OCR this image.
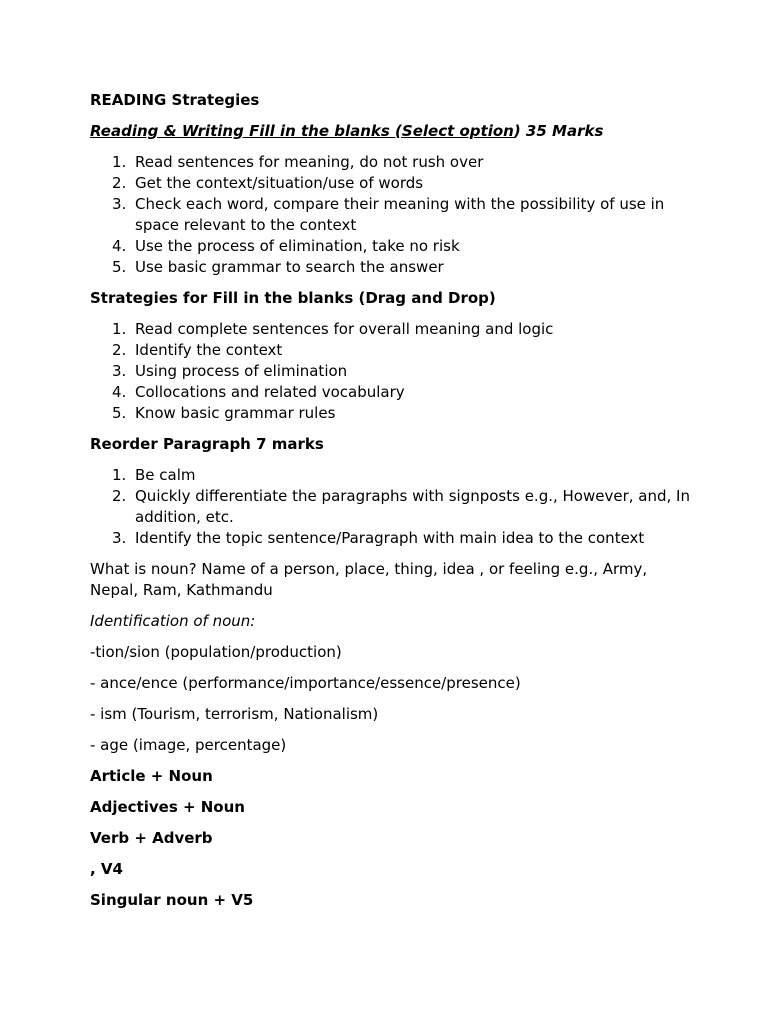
READING Strategies
Reading & Writing Fill in the blanks (Select option) 35 Marks
1. Read sentences for meaning, do not rush over
2. Get the context/situation/use of words
3. Check each word, compare their meaning with the possibility of use in space relevant to the context
4. Use the process of elimination, take no risk
5. Use basic grammar to search the answer
Strategies for Fill in the blanks (Drag and Drop)
1. Read complete sentences for overall meaning and logic
2. Identify the context
3. Using process of elimination
4. Collocations and related vocabulary
5. Know basic grammar rules
Reorder Paragraph 7 marks
1. Be calm
2. Quickly differentiate the paragraphs with signposts e.g., However, and, In addition, etc.
3. Identify the topic sentence/Paragraph with main idea to the context
What is noun? Name of a person, place, thing, idea , or feeling e.g., Army, Nepal, Ram, Kathmandu
Identification of noun:
-tion/sion (population/production)
- ance/ence (performance/importance/essence/presence)
- ism (Tourism, terrorism, Nationalism)
- age (image, percentage)
Article + Noun
Adjectives + Noun
Verb + Adverb
, V4
Singular noun + V5
